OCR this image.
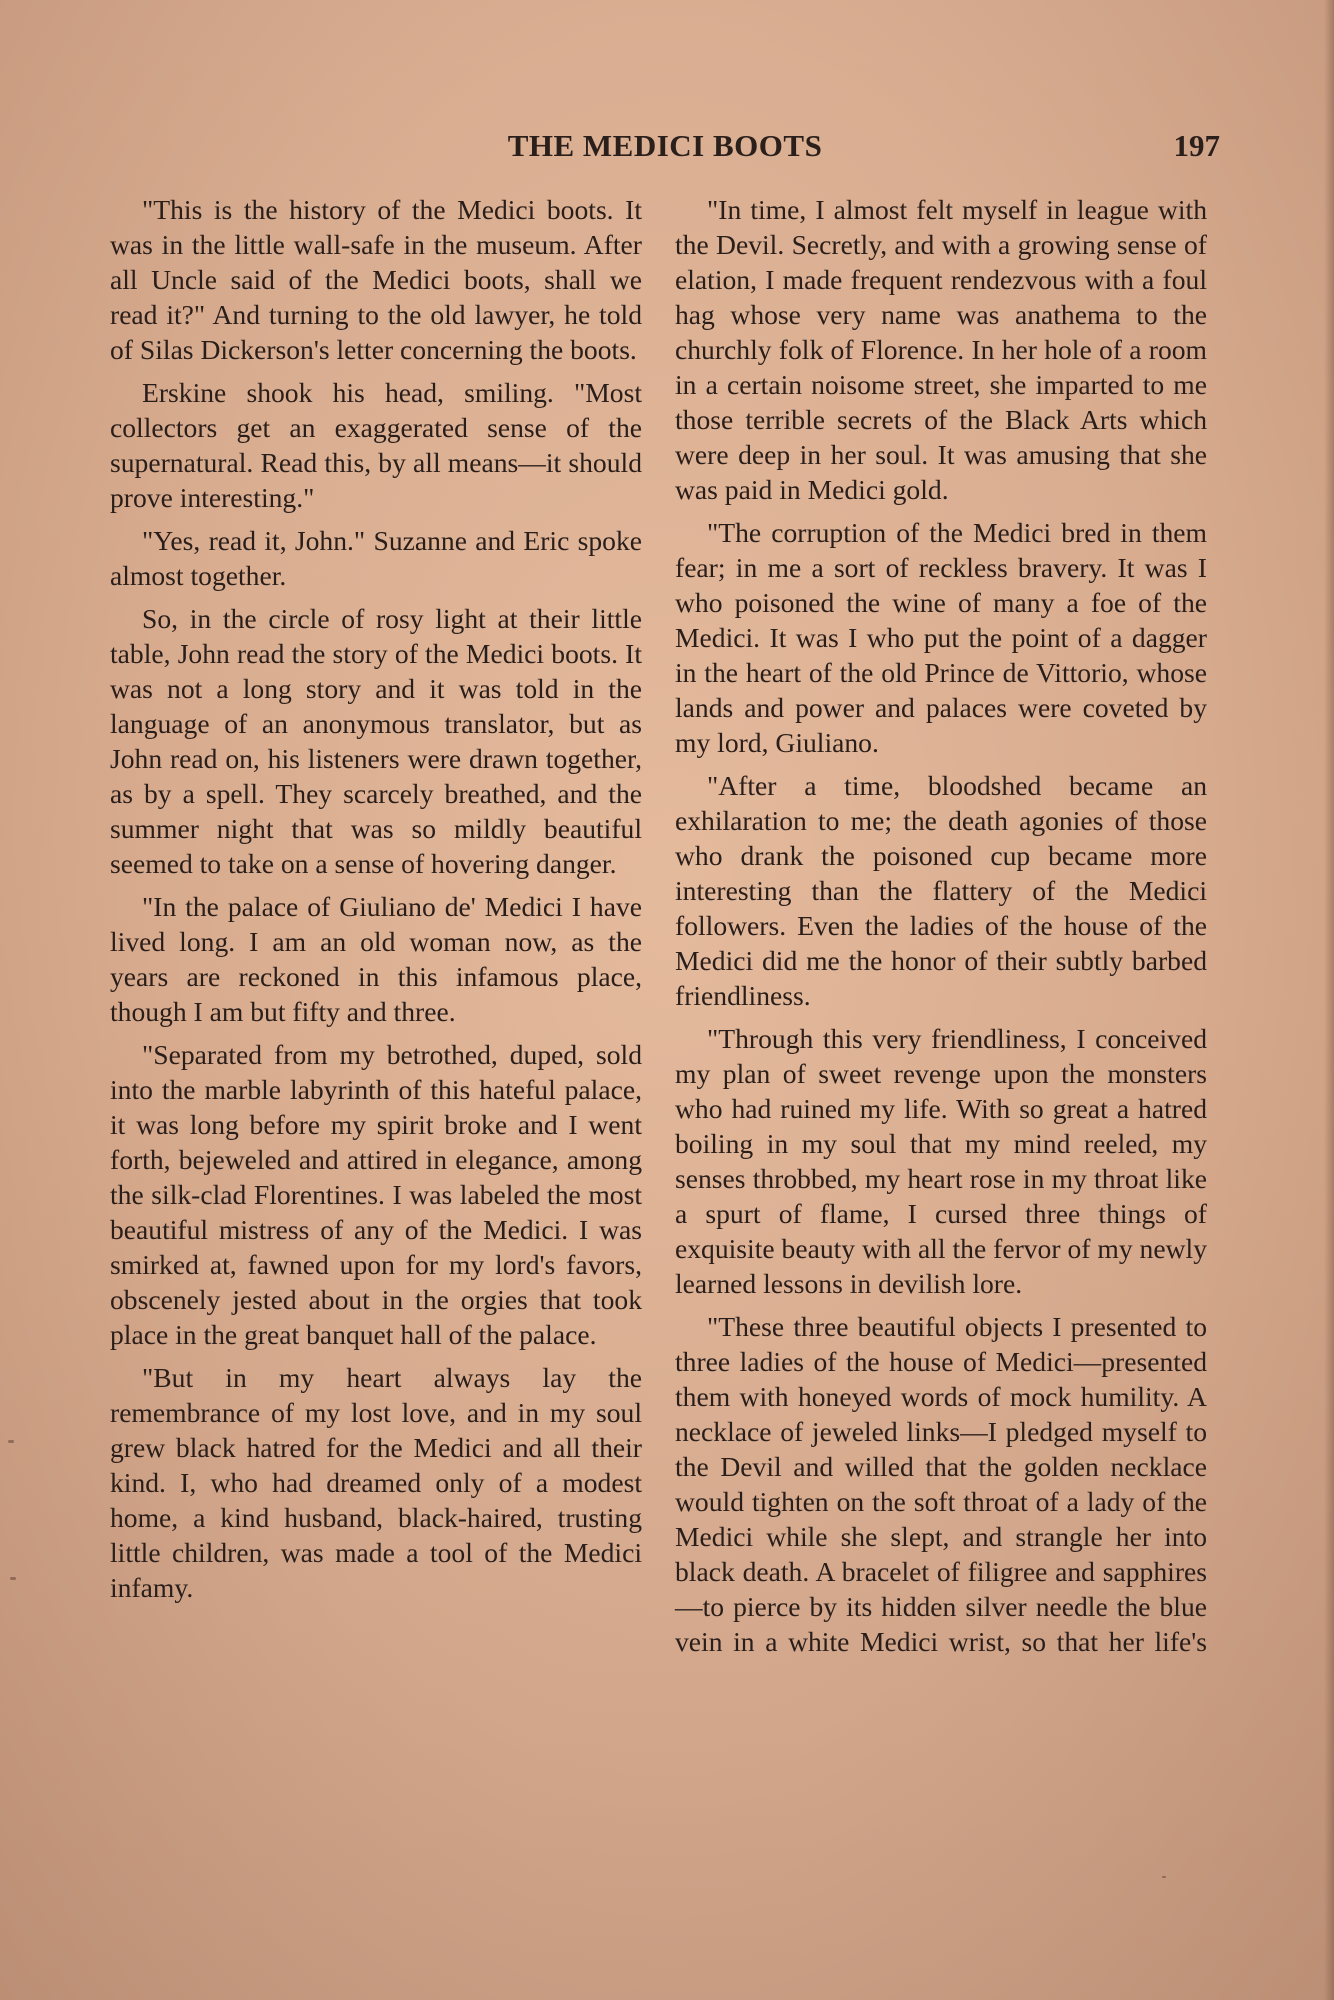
THE MEDICI BOOTS	197

"This is the history of the Medici boots. It was in the little wall-safe in the museum. After all Uncle said of the Medici boots, shall we read it?" And turning to the old lawyer, he told of Silas Dickerson's letter concerning the boots.

Erskine shook his head, smiling. "Most collectors get an exaggerated sense of the supernatural. Read this, by all means—it should prove interesting."

"Yes, read it, John." Suzanne and Eric spoke almost together.

So, in the circle of rosy light at their little table, John read the story of the Medici boots. It was not a long story and it was told in the language of an anonymous translator, but as John read on, his listeners were drawn together, as by a spell. They scarcely breathed, and the summer night that was so mildly beautiful seemed to take on a sense of hovering danger.

"In the palace of Giuliano de' Medici I have lived long. I am an old woman now, as the years are reckoned in this infamous place, though I am but fifty and three.

"Separated from my betrothed, duped, sold into the marble labyrinth of this hateful palace, it was long before my spirit broke and I went forth, bejeweled and attired in elegance, among the silk-clad Florentines. I was labeled the most beautiful mistress of any of the Medici. I was smirked at, fawned upon for my lord's favors, obscenely jested about in the orgies that took place in the great banquet hall of the palace.

"But in my heart always lay the remembrance of my lost love, and in my soul grew black hatred for the Medici and all their kind. I, who had dreamed only of a modest home, a kind husband, black-haired, trusting little children, was made a tool of the Medici infamy.

"In time, I almost felt myself in league with the Devil. Secretly, and with a growing sense of elation, I made frequent rendezvous with a foul hag whose very name was anathema to the churchly folk of Florence. In her hole of a room in a certain noisome street, she imparted to me those terrible secrets of the Black Arts which were deep in her soul. It was amusing that she was paid in Medici gold.

"The corruption of the Medici bred in them fear; in me a sort of reckless bravery. It was I who poisoned the wine of many a foe of the Medici. It was I who put the point of a dagger in the heart of the old Prince de Vittorio, whose lands and power and palaces were coveted by my lord, Giuliano.

"After a time, bloodshed became an exhilaration to me; the death agonies of those who drank the poisoned cup became more interesting than the flattery of the Medici followers. Even the ladies of the house of the Medici did me the honor of their subtly barbed friendliness.

"Through this very friendliness, I conceived my plan of sweet revenge upon the monsters who had ruined my life. With so great a hatred boiling in my soul that my mind reeled, my senses throbbed, my heart rose in my throat like a spurt of flame, I cursed three things of exquisite beauty with all the fervor of my newly learned lessons in devilish lore.

"These three beautiful objects I presented to three ladies of the house of Medici—presented them with honeyed words of mock humility. A necklace of jeweled links—I pledged myself to the Devil and willed that the golden necklace would tighten on the soft throat of a lady of the Medici while she slept, and strangle her into black death. A bracelet of filigree and sapphires—to pierce by its hidden silver needle the blue vein in a white Medici wrist, so that her life's
